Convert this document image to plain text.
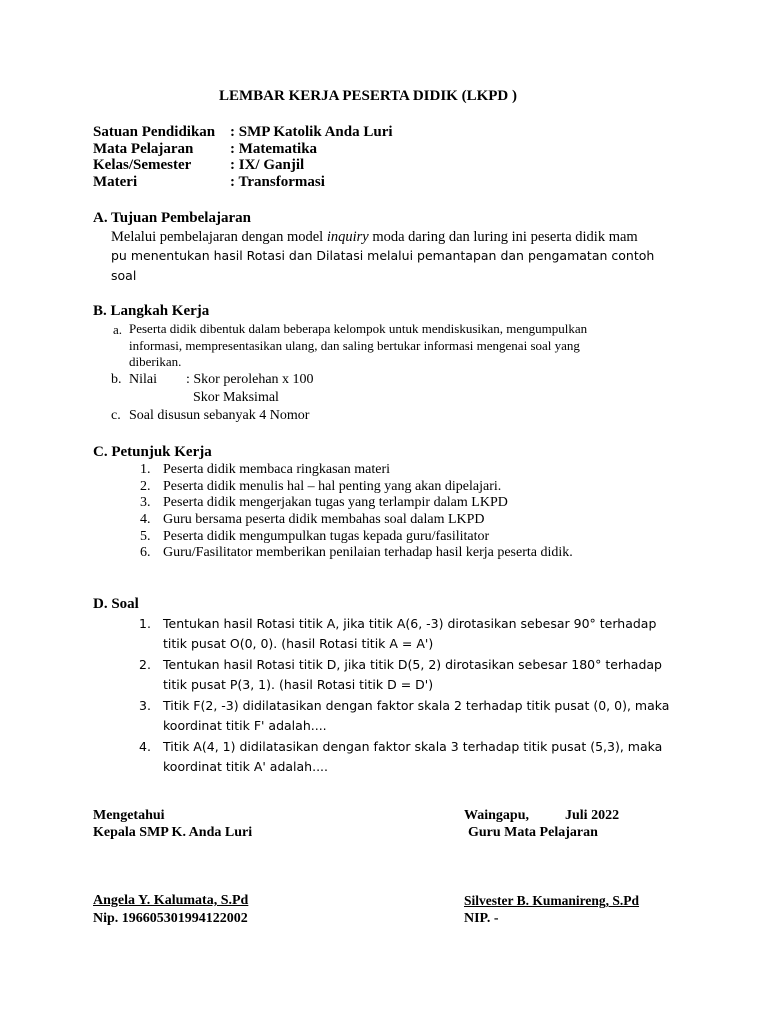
LEMBAR KERJA PESERTA DIDIK (LKPD )
Satuan Pendidikan : SMP Katolik Anda Luri
Mata Pelajaran : Matematika
Kelas/Semester	: IX/ Ganjil
Materi	: Transformasi
A. Tujuan Pembelajaran
Melalui pembelajaran dengan model inquiry moda daring dan luring ini peserta didik mam
pu menentukan hasil Rotasi dan Dilatasi melalui pemantapan dan pengamatan contoh
soal
B. Langkah Kerja
a. Peserta didik dibentuk dalam beberapa kelompok untuk mendiskusikan, mengumpulkan
informasi, mempresentasikan ulang, dan saling bertukar informasi mengenai soal yang
diberikan.
b. Nilai : Skor perolehan x 100
Skor Maksimal
c. Soal disusun sebanyak 4 Nomor
C. Petunjuk Kerja
1. Peserta didik membaca ringkasan materi
2. Peserta didik menulis hal – hal penting yang akan dipelajari.
3. Peserta didik mengerjakan tugas yang terlampir dalam LKPD
4. Guru bersama peserta didik membahas soal dalam LKPD
5. Peserta didik mengumpulkan tugas kepada guru/fasilitator
6. Guru/Fasilitator memberikan penilaian terhadap hasil kerja peserta didik.
D. Soal
1. Tentukan hasil Rotasi titik A, jika titik A(6, -3) dirotasikan sebesar 90° terhadap
titik pusat O(0, 0). (hasil Rotasi titik A = A')
2. Tentukan hasil Rotasi titik D, jika titik D(5, 2) dirotasikan sebesar 180° terhadap
titik pusat P(3, 1). (hasil Rotasi titik D = D')
3. Titik F(2, -3) didilatasikan dengan faktor skala 2 terhadap titik pusat (0, 0), maka
koordinat titik F' adalah....
4. Titik A(4, 1) didilatasikan dengan faktor skala 3 terhadap titik pusat (5,3), maka
koordinat titik A' adalah....
Mengetahui
Kepala SMP K. Anda Luri
Angela Y. Kalumata, S.Pd
Nip. 196605301994122002
Waingapu,	Juli 2022
Guru Mata Pelajaran
Silvester B. Kumanireng, S.Pd
NIP. -
